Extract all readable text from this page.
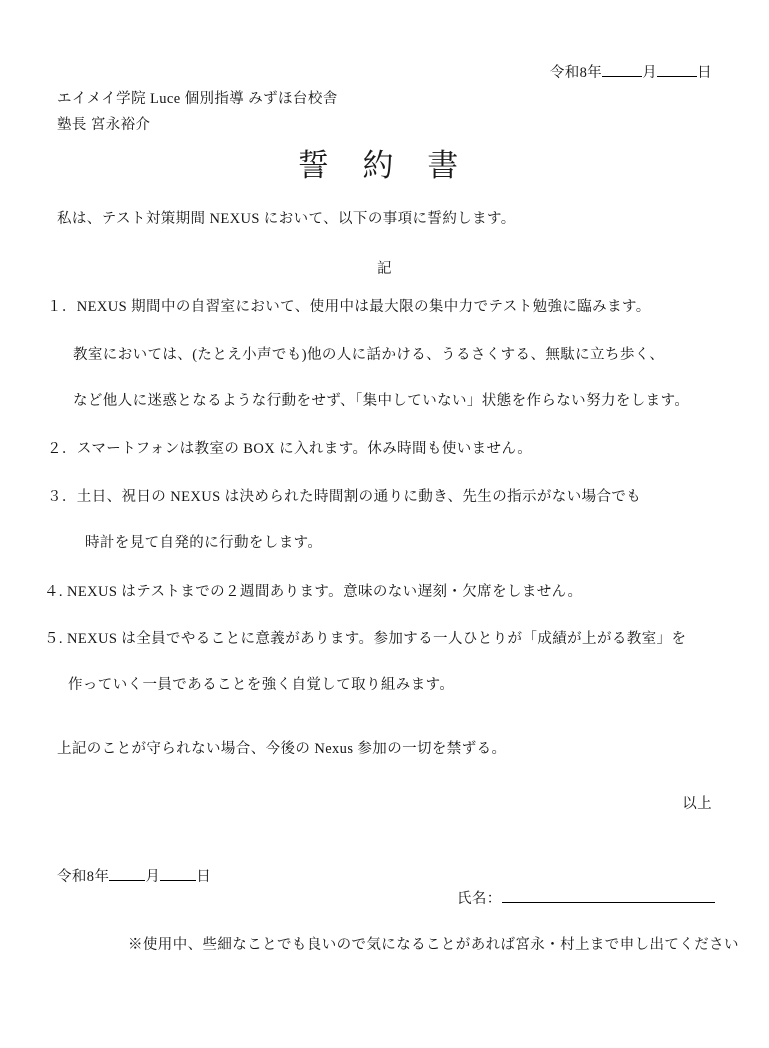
令和8年	月	日
エイメイ学院 Luce 個別指導 みずほ台校舎
塾長 宮永裕介
誓 約 書
私は、テスト対策期間 NEXUS において、以下の事項に誓約します。
記
１．NEXUS 期間中の自習室において、使用中は最大限の集中力でテスト勉強に臨みます。
教室においては、(たとえ小声でも)他の人に話かける、うるさくする、無駄に立ち歩く、
など他人に迷惑となるような行動をせず、「集中していない」状態を作らない努力をします。
２．スマートフォンは教室の BOX に入れます。休み時間も使いません。
３．土日、祝日の NEXUS は決められた時間割の通りに動き、先生の指示がない場合でも
時計を見て自発的に行動をします。
４. NEXUS はテストまでの２週間あります。意味のない遅刻・欠席をしません。
５. NEXUS は全員でやることに意義があります。参加する一人ひとりが「成績が上がる教室」を
作っていく一員であることを強く自覚して取り組みます。
上記のことが守られない場合、今後の Nexus 参加の一切を禁ずる。
以上
令和8年 月 日
氏名：
※使用中、些細なことでも良いので気になることがあれば宮永・村上まで申し出てください
